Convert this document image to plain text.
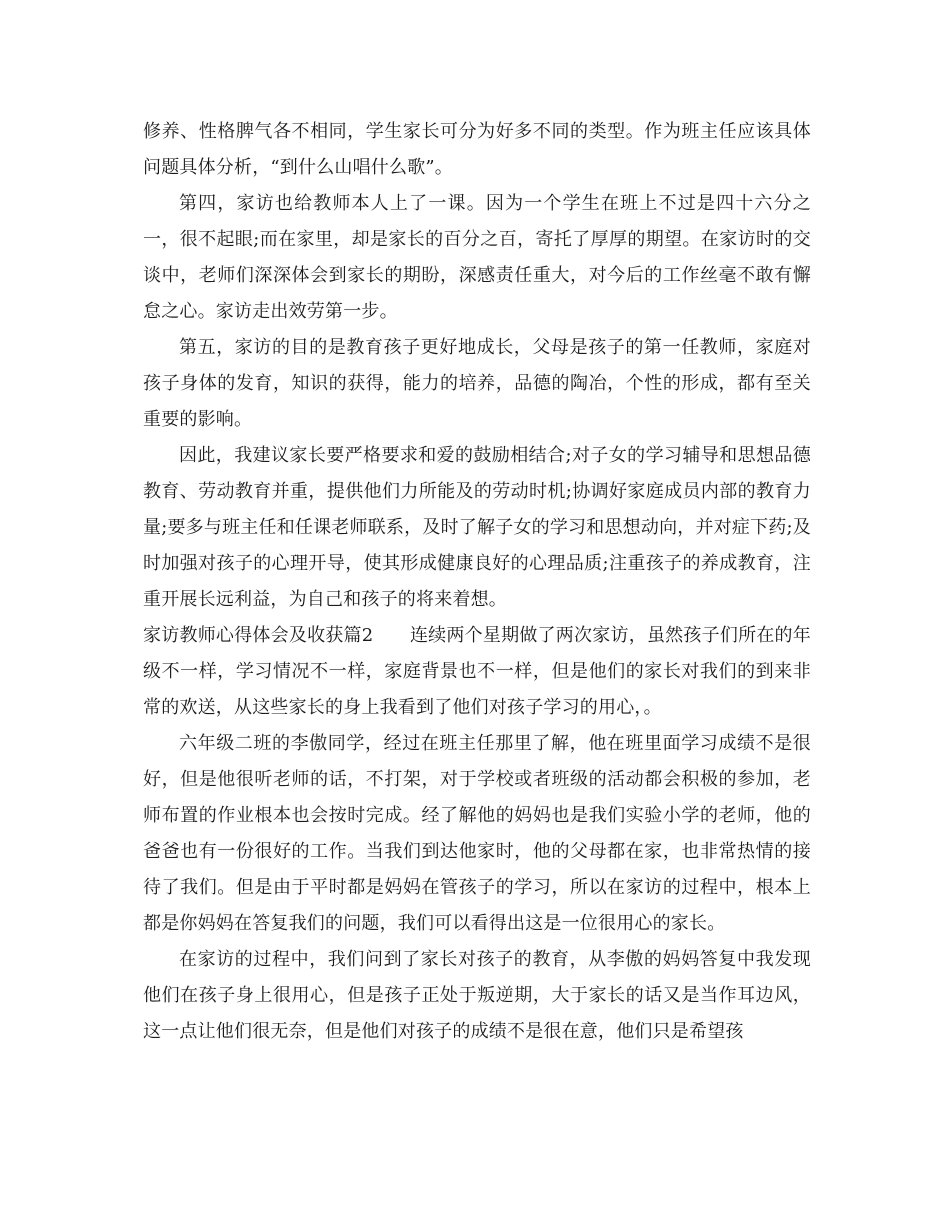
修养、性格脾气各不相同，学生家长可分为好多不同的类型。作为班主任应该具体问题具体分析，“到什么山唱什么歌”。

第四，家访也给教师本人上了一课。因为一个学生在班上不过是四十六分之一，很不起眼;而在家里，却是家长的百分之百，寄托了厚厚的期望。在家访时的交谈中，老师们深深体会到家长的期盼，深感责任重大，对今后的工作丝毫不敢有懈怠之心。家访走出效劳第一步。

第五，家访的目的是教育孩子更好地成长，父母是孩子的第一任教师，家庭对孩子身体的发育，知识的获得，能力的培养，品德的陶冶，个性的形成，都有至关重要的影响。

因此，我建议家长要严格要求和爱的鼓励相结合;对子女的学习辅导和思想品德教育、劳动教育并重，提供他们力所能及的劳动时机;协调好家庭成员内部的教育力量;要多与班主任和任课老师联系，及时了解子女的学习和思想动向，并对症下药;及时加强对孩子的心理开导，使其形成健康良好的心理品质;注重孩子的养成教育，注重开展长远利益，为自己和孩子的将来着想。

家访教师心得体会及收获篇2　　 连续两个星期做了两次家访，虽然孩子们所在的年级不一样，学习情况不一样，家庭背景也不一样，但是他们的家长对我们的到来非常的欢送，从这些家长的身上我看到了他们对孩子学习的用心，。

六年级二班的李傲同学，经过在班主任那里了解，他在班里面学习成绩不是很好，但是他很听老师的话，不打架，对于学校或者班级的活动都会积极的参加，老师布置的作业根本也会按时完成。经了解他的妈妈也是我们实验小学的老师，他的爸爸也有一份很好的工作。当我们到达他家时，他的父母都在家，也非常热情的接待了我们。但是由于平时都是妈妈在管孩子的学习，所以在家访的过程中，根本上都是你妈妈在答复我们的问题，我们可以看得出这是一位很用心的家长。

在家访的过程中，我们问到了家长对孩子的教育，从李傲的妈妈答复中我发现他们在孩子身上很用心，但是孩子正处于叛逆期，大于家长的话又是当作耳边风，这一点让他们很无奈，但是他们对孩子的成绩不是很在意，他们只是希望孩
